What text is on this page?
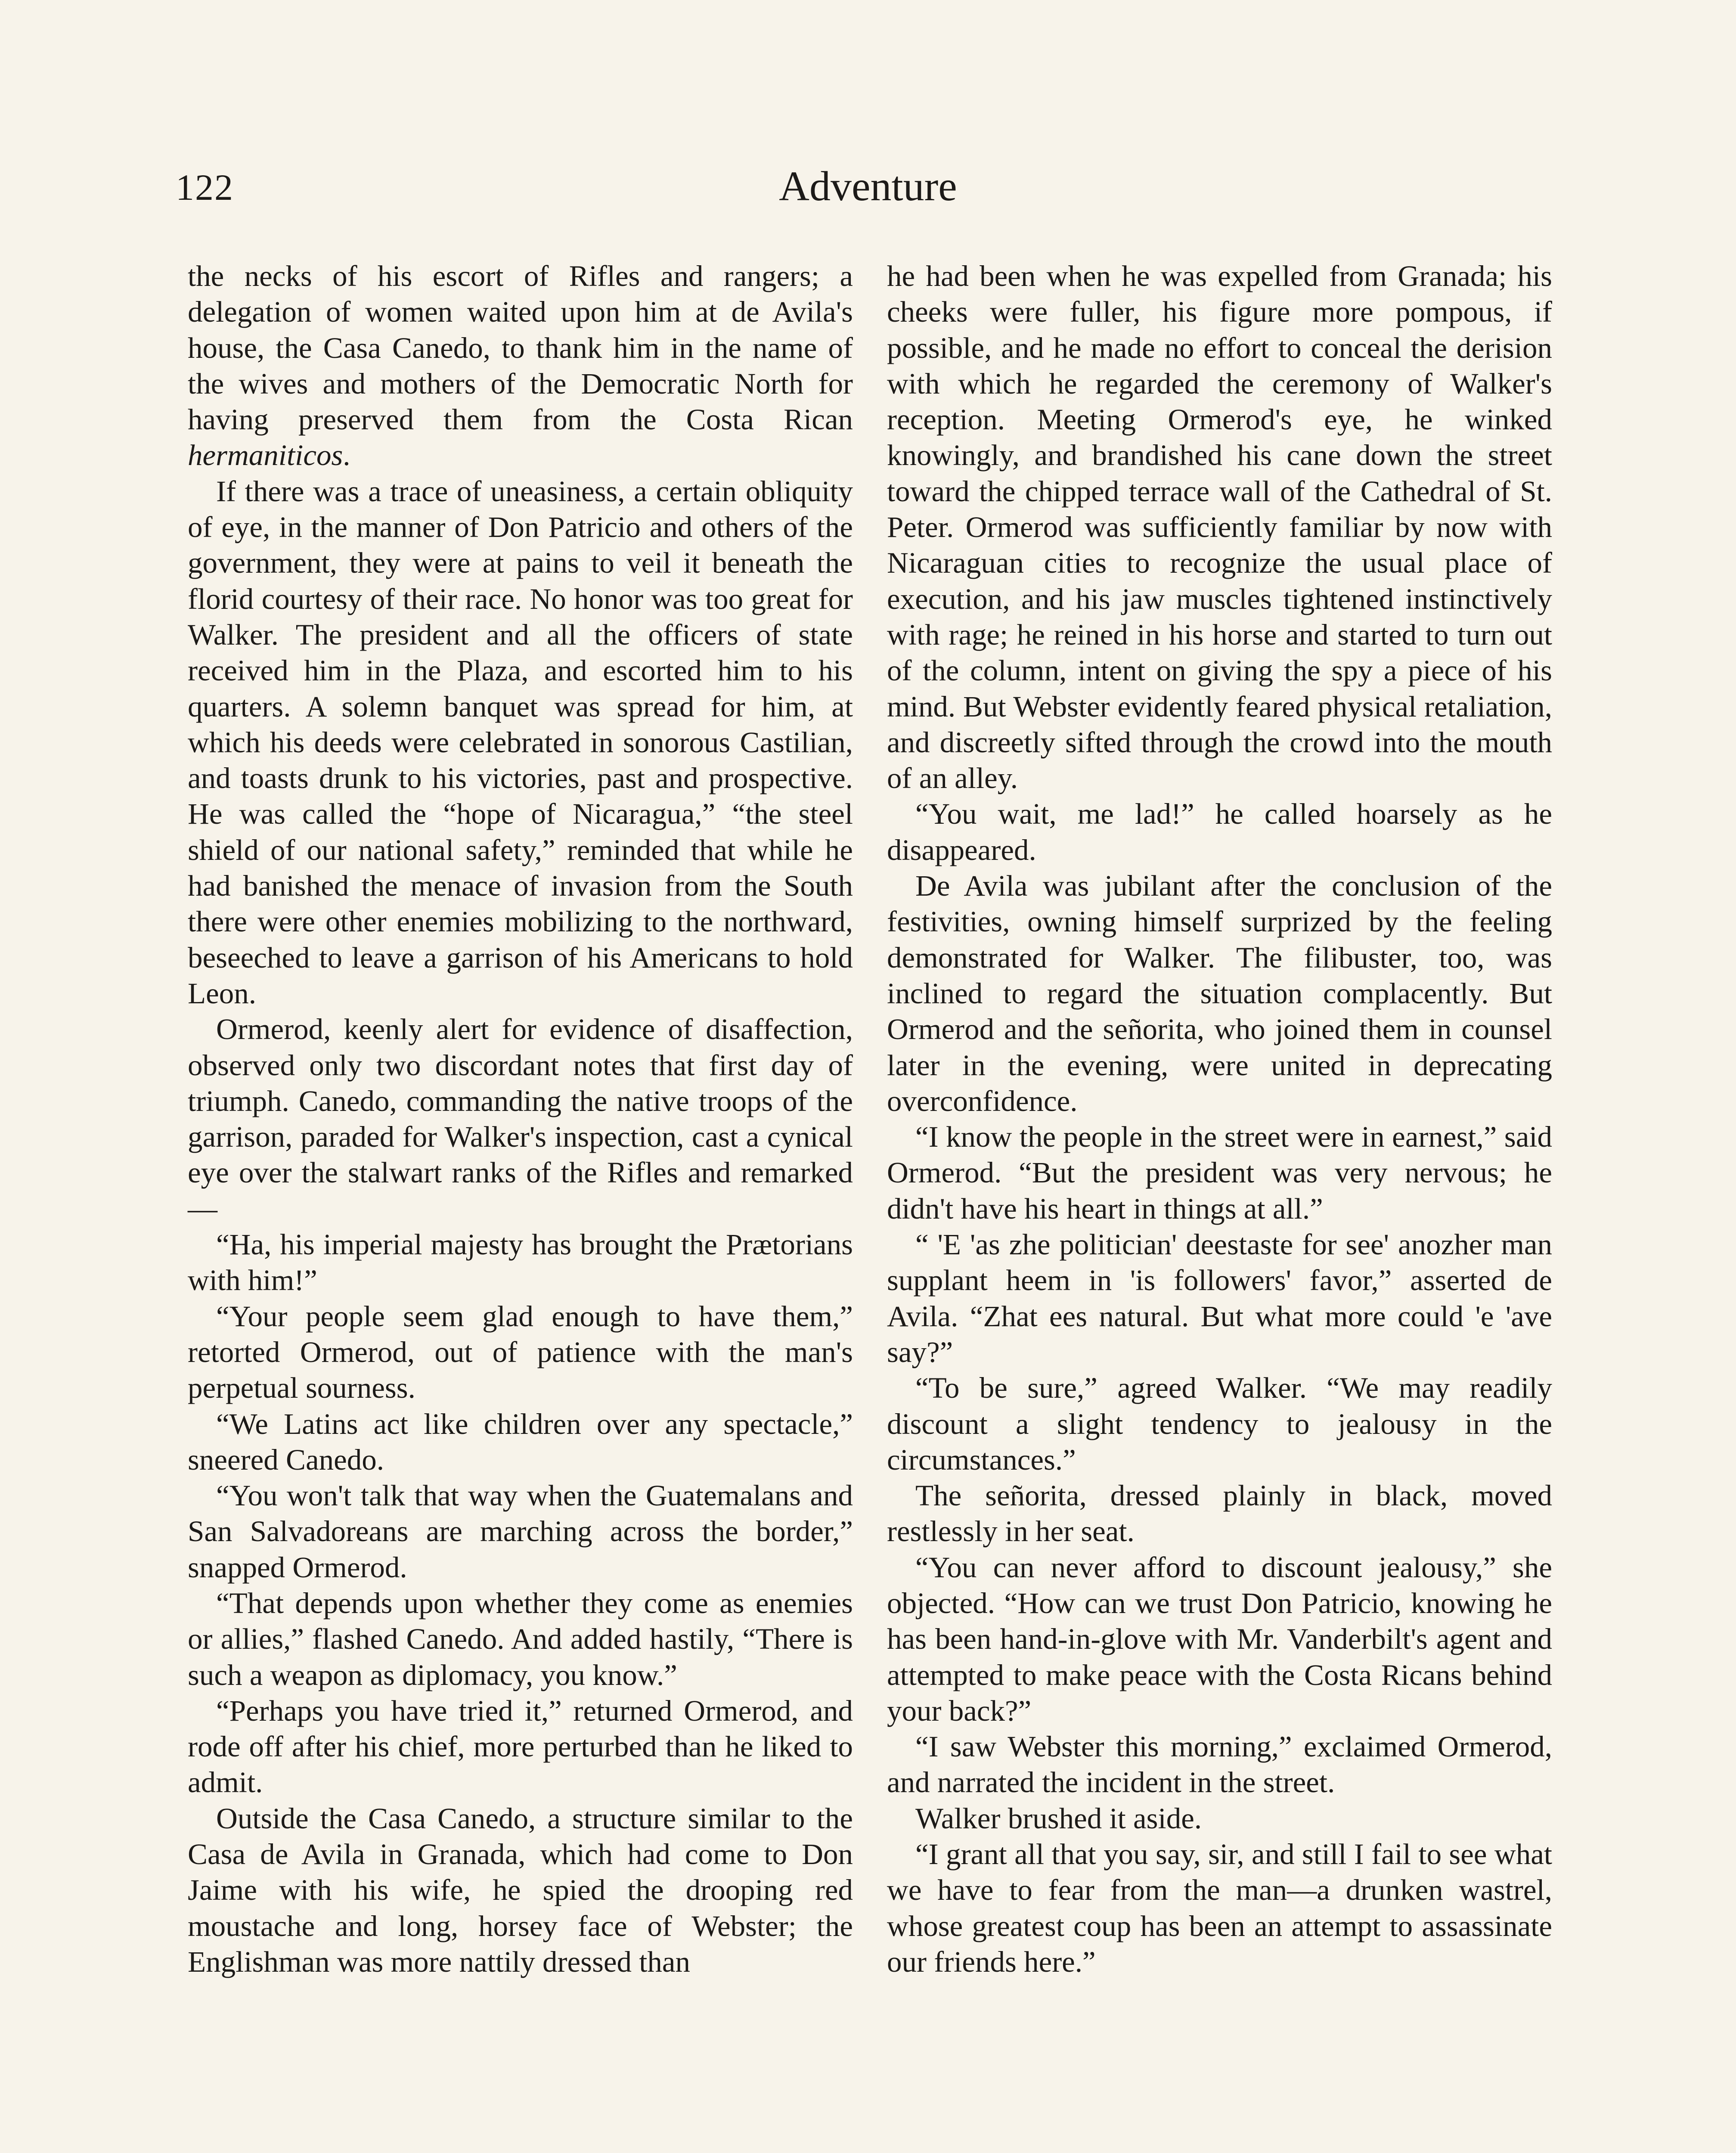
122	Adventure

the necks of his escort of Rifles and rangers; a delegation of women waited upon him at de Avila's house, the Casa Canedo, to thank him in the name of the wives and mothers of the Democratic North for having preserved them from the Costa Rican hermaniticos.

If there was a trace of uneasiness, a certain obliquity of eye, in the manner of Don Patricio and others of the government, they were at pains to veil it beneath the florid courtesy of their race. No honor was too great for Walker. The president and all the officers of state received him in the Plaza, and escorted him to his quarters. A solemn banquet was spread for him, at which his deeds were celebrated in sonorous Castilian, and toasts drunk to his victories, past and prospective. He was called the “hope of Nicaragua,” “the steel shield of our national safety,” reminded that while he had banished the menace of invasion from the South there were other enemies mobilizing to the northward, beseeched to leave a garrison of his Americans to hold Leon.

Ormerod, keenly alert for evidence of disaffection, observed only two discordant notes that first day of triumph. Canedo, commanding the native troops of the garrison, paraded for Walker's inspection, cast a cynical eye over the stalwart ranks of the Rifles and remarked—

“Ha, his imperial majesty has brought the Prætorians with him!”

“Your people seem glad enough to have them,” retorted Ormerod, out of patience with the man's perpetual sourness.

“We Latins act like children over any spectacle,” sneered Canedo.

“You won't talk that way when the Guatemalans and San Salvadoreans are marching across the border,” snapped Ormerod.

“That depends upon whether they come as enemies or allies,” flashed Canedo. And added hastily, “There is such a weapon as diplomacy, you know.”

“Perhaps you have tried it,” returned Ormerod, and rode off after his chief, more perturbed than he liked to admit.

Outside the Casa Canedo, a structure similar to the Casa de Avila in Granada, which had come to Don Jaime with his wife, he spied the drooping red moustache and long, horsey face of Webster; the Englishman was more nattily dressed than

he had been when he was expelled from Granada; his cheeks were fuller, his figure more pompous, if possible, and he made no effort to conceal the derision with which he regarded the ceremony of Walker's reception. Meeting Ormerod's eye, he winked knowingly, and brandished his cane down the street toward the chipped terrace wall of the Cathedral of St. Peter. Ormerod was sufficiently familiar by now with Nicaraguan cities to recognize the usual place of execution, and his jaw muscles tightened instinctively with rage; he reined in his horse and started to turn out of the column, intent on giving the spy a piece of his mind. But Webster evidently feared physical retaliation, and discreetly sifted through the crowd into the mouth of an alley.

“You wait, me lad!” he called hoarsely as he disappeared.

De Avila was jubilant after the conclusion of the festivities, owning himself surprized by the feeling demonstrated for Walker. The filibuster, too, was inclined to regard the situation complacently. But Ormerod and the señorita, who joined them in counsel later in the evening, were united in deprecating overconfidence.

“I know the people in the street were in earnest,” said Ormerod. “But the president was very nervous; he didn't have his heart in things at all.”

“ 'E 'as zhe politician' deestaste for see' anozher man supplant heem in 'is followers' favor,” asserted de Avila. “Zhat ees natural. But what more could 'e 'ave say?”

“To be sure,” agreed Walker. “We may readily discount a slight tendency to jealousy in the circumstances.”

The señorita, dressed plainly in black, moved restlessly in her seat.

“You can never afford to discount jealousy,” she objected. “How can we trust Don Patricio, knowing he has been hand-in-glove with Mr. Vanderbilt's agent and attempted to make peace with the Costa Ricans behind your back?”

“I saw Webster this morning,” exclaimed Ormerod, and narrated the incident in the street.

Walker brushed it aside.

“I grant all that you say, sir, and still I fail to see what we have to fear from the man—a drunken wastrel, whose greatest coup has been an attempt to assassinate our friends here.”
